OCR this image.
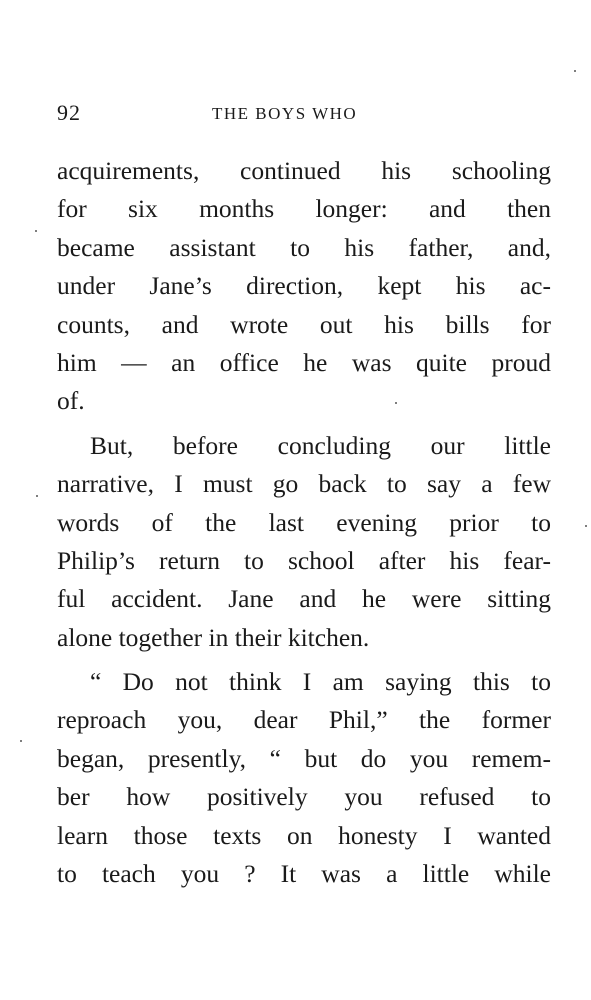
92	THE BOYS WHO
acquirements, continued his schooling
for six months longer: and then
became assistant to his father, and,
under Jane’s direction, kept his ac-
counts, and wrote out his bills for
him — an office he was quite proud
of.
But, before concluding our little
narrative, I must go back to say a few
words of the last evening prior to
Philip’s return to school after his fear-
ful accident. Jane and he were sitting
alone together in their kitchen.
“ Do not think I am saying this to
reproach you, dear Phil,” the former
began, presently, “ but do you remem-
ber how positively you refused to
learn those texts on honesty I wanted
to teach you ? It was a little while
